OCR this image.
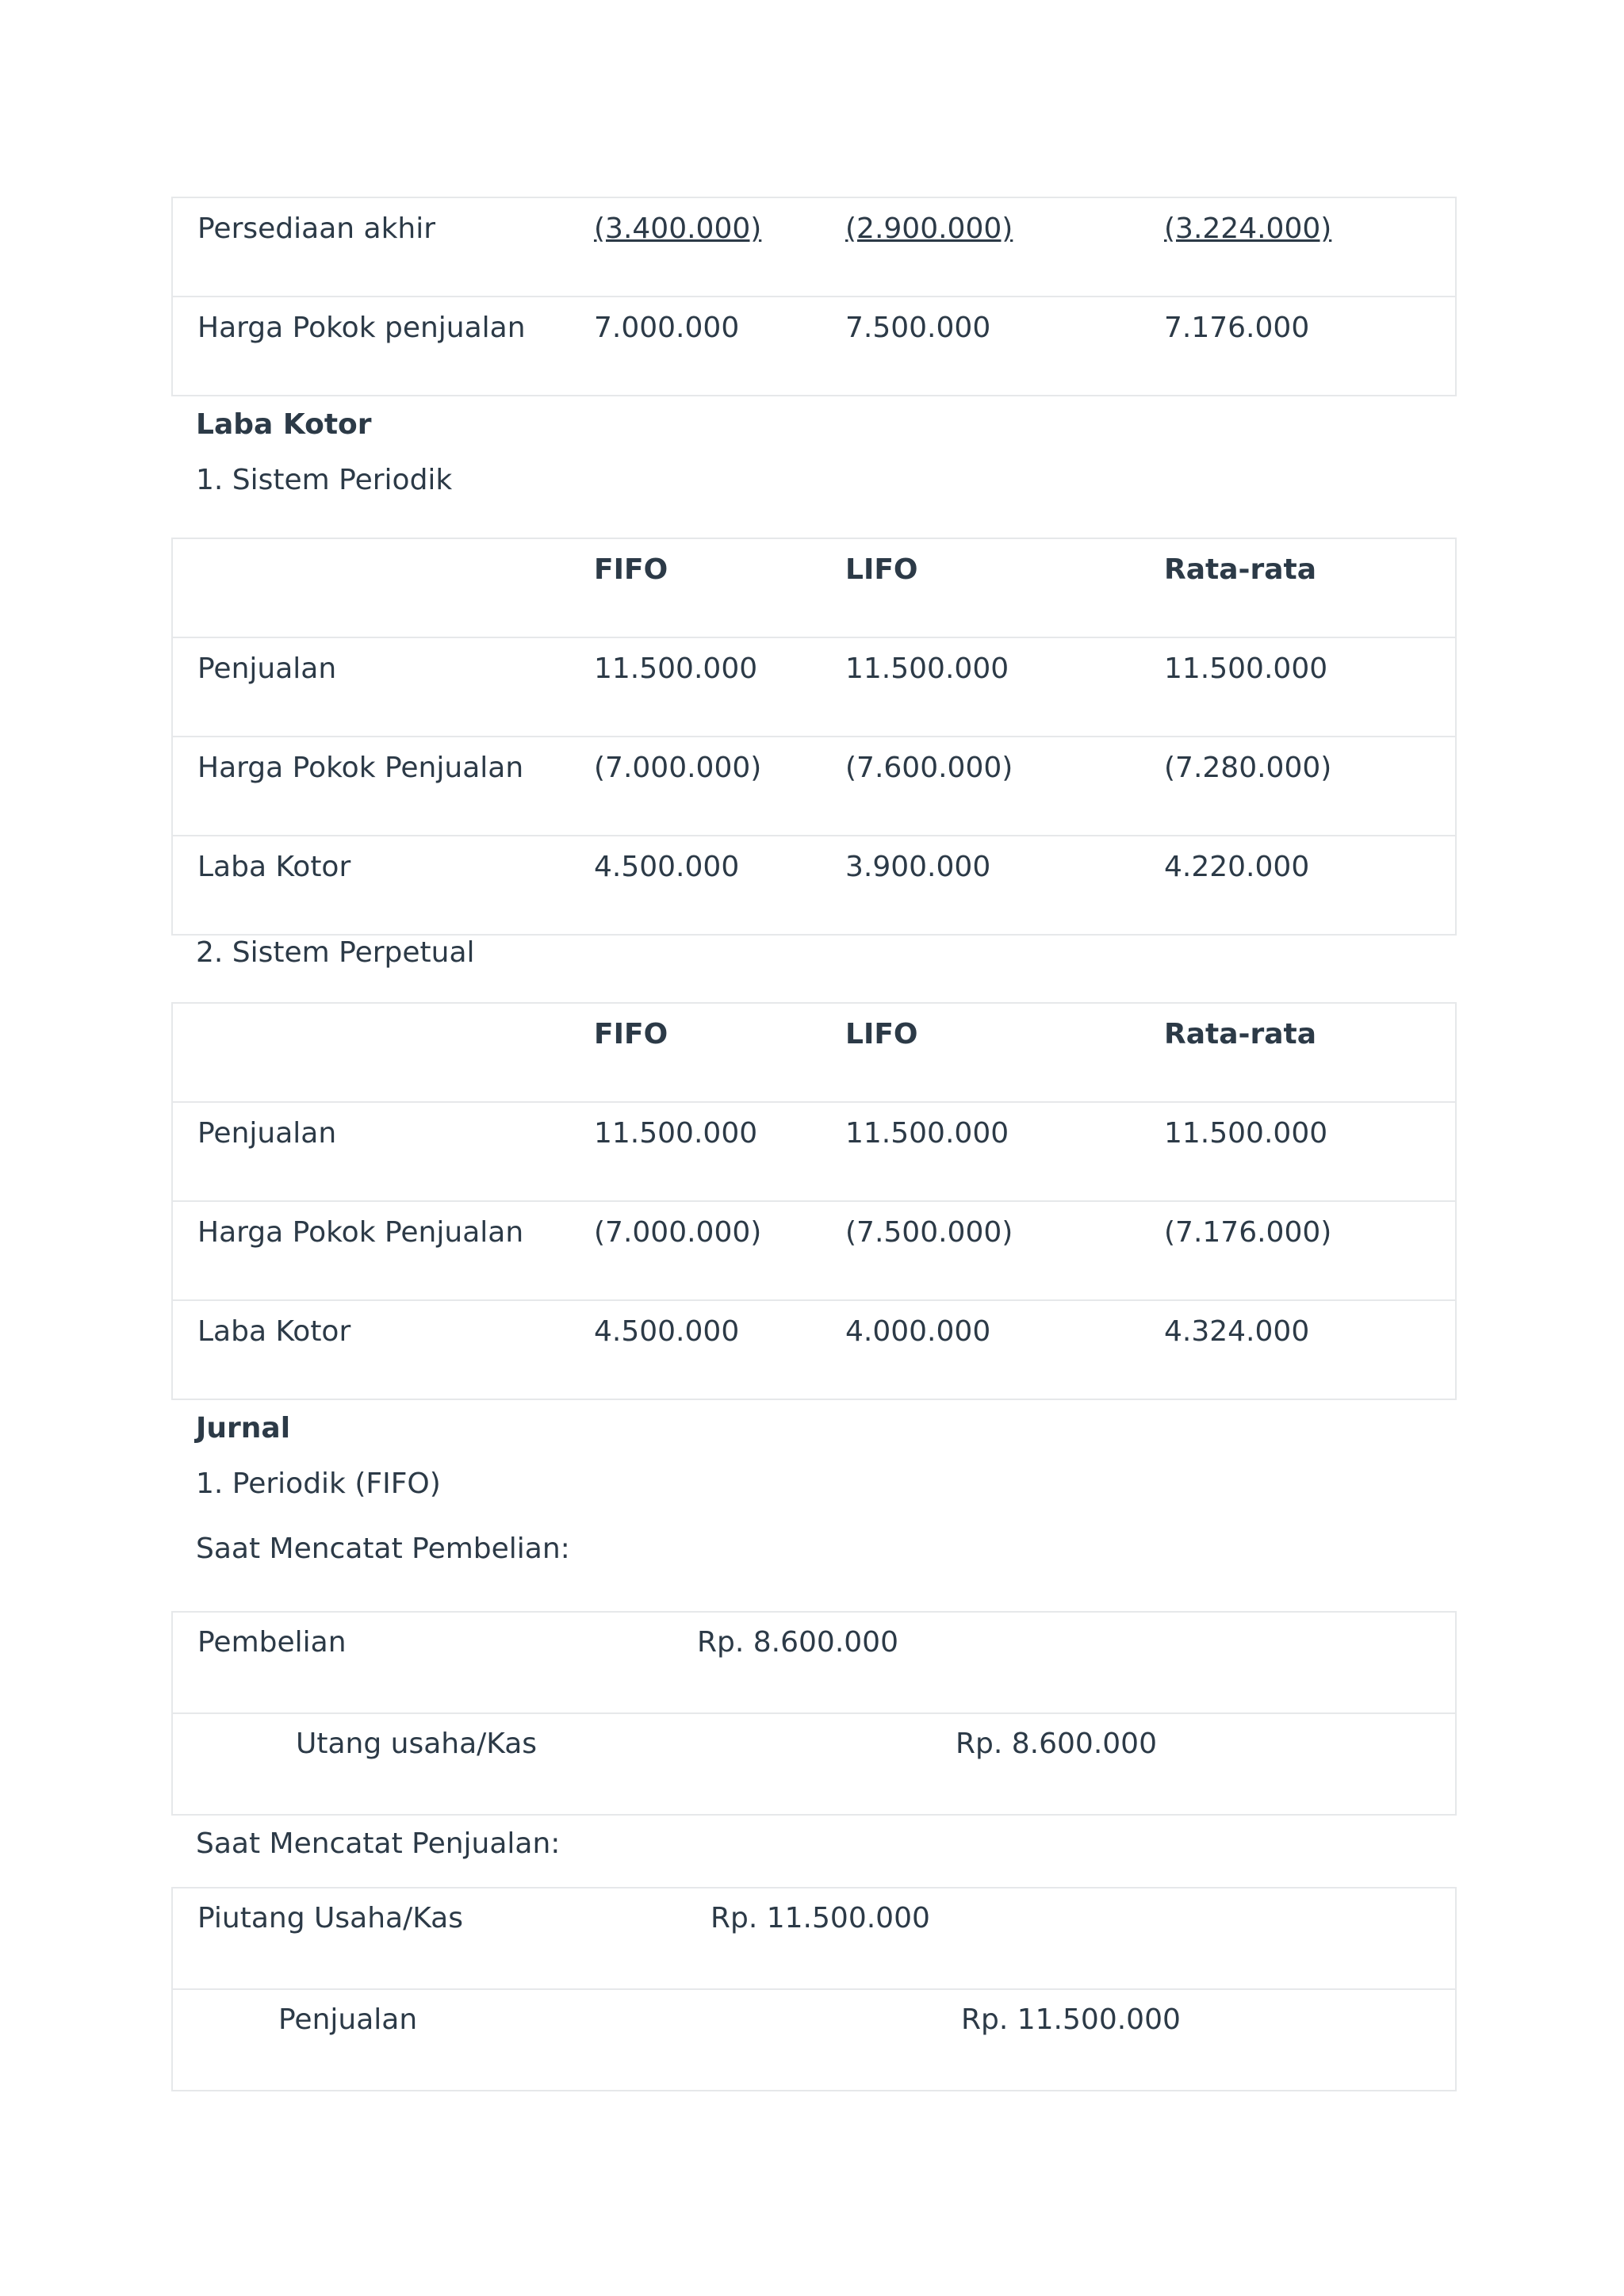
Persediaan akhir	(3.400.000)	(2.900.000)	(3.224.000)
Harga Pokok penjualan	7.000.000	7.500.000	7.176.000

Laba Kotor

1. Sistem Periodik

	FIFO	LIFO	Rata-rata
Penjualan	11.500.000	11.500.000	11.500.000
Harga Pokok Penjualan	(7.000.000)	(7.600.000)	(7.280.000)
Laba Kotor	4.500.000	3.900.000	4.220.000

2. Sistem Perpetual

	FIFO	LIFO	Rata-rata
Penjualan	11.500.000	11.500.000	11.500.000
Harga Pokok Penjualan	(7.000.000)	(7.500.000)	(7.176.000)
Laba Kotor	4.500.000	4.000.000	4.324.000

Jurnal

1. Periodik (FIFO)

Saat Mencatat Pembelian:

Pembelian	Rp. 8.600.000
Utang usaha/Kas	Rp. 8.600.000

Saat Mencatat Penjualan:

Piutang Usaha/Kas	Rp. 11.500.000
Penjualan	Rp. 11.500.000
